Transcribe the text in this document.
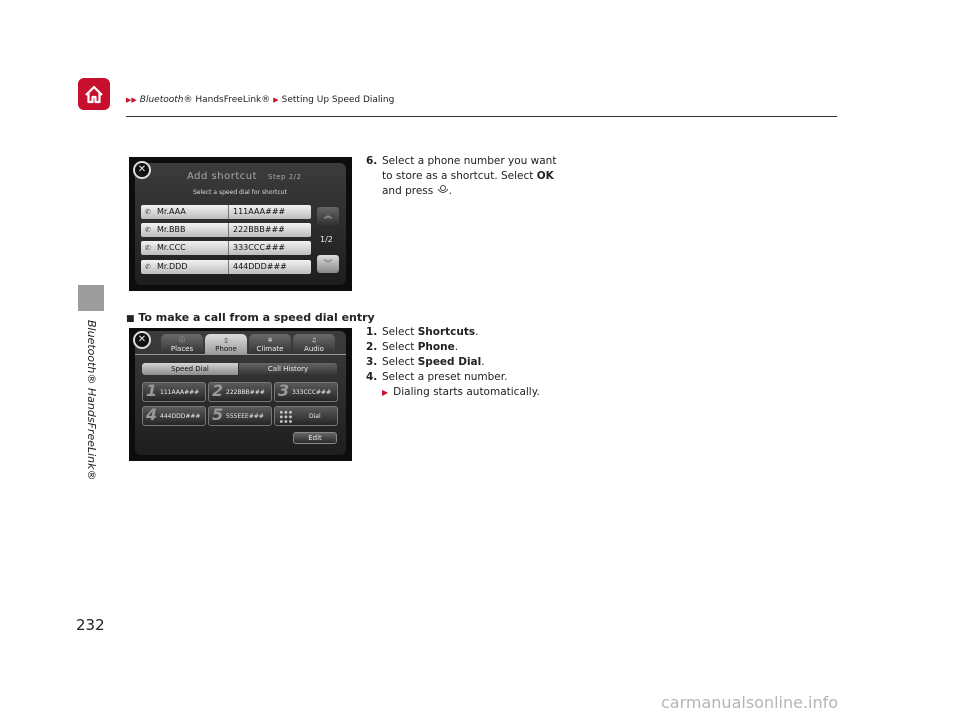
▶▶ Bluetooth® HandsFreeLink® ▶ Setting Up Speed Dialing
Bluetooth® HandsFreeLink®
✕
Add shortcut Step 2/2
Select a speed dial for shortcut
✆ Mr.AAA	111AAA###
✆ Mr.BBB	222BBB###
✆ Mr.CCC	333CCC###
✆ Mr.DDD	444DDD###
︽
1/2
︾
6. Select a phone number you want
to store as a shortcut. Select OK
and press .
■ To make a call from a speed dial entry
✕	ⓘ
Places
▯
Phone
✲
Climate
♫
Audio
Speed Dial	Call History
1 111AAA### 2 222BBB### 3 333CCC###
4 444DDD### 5 555EEE###	Dial
Edit
1. Select Shortcuts.
2. Select Phone.
3. Select Speed Dial.
4. Select a preset number.
▶ Dialing starts automatically.
232
carmanualsonline.info
